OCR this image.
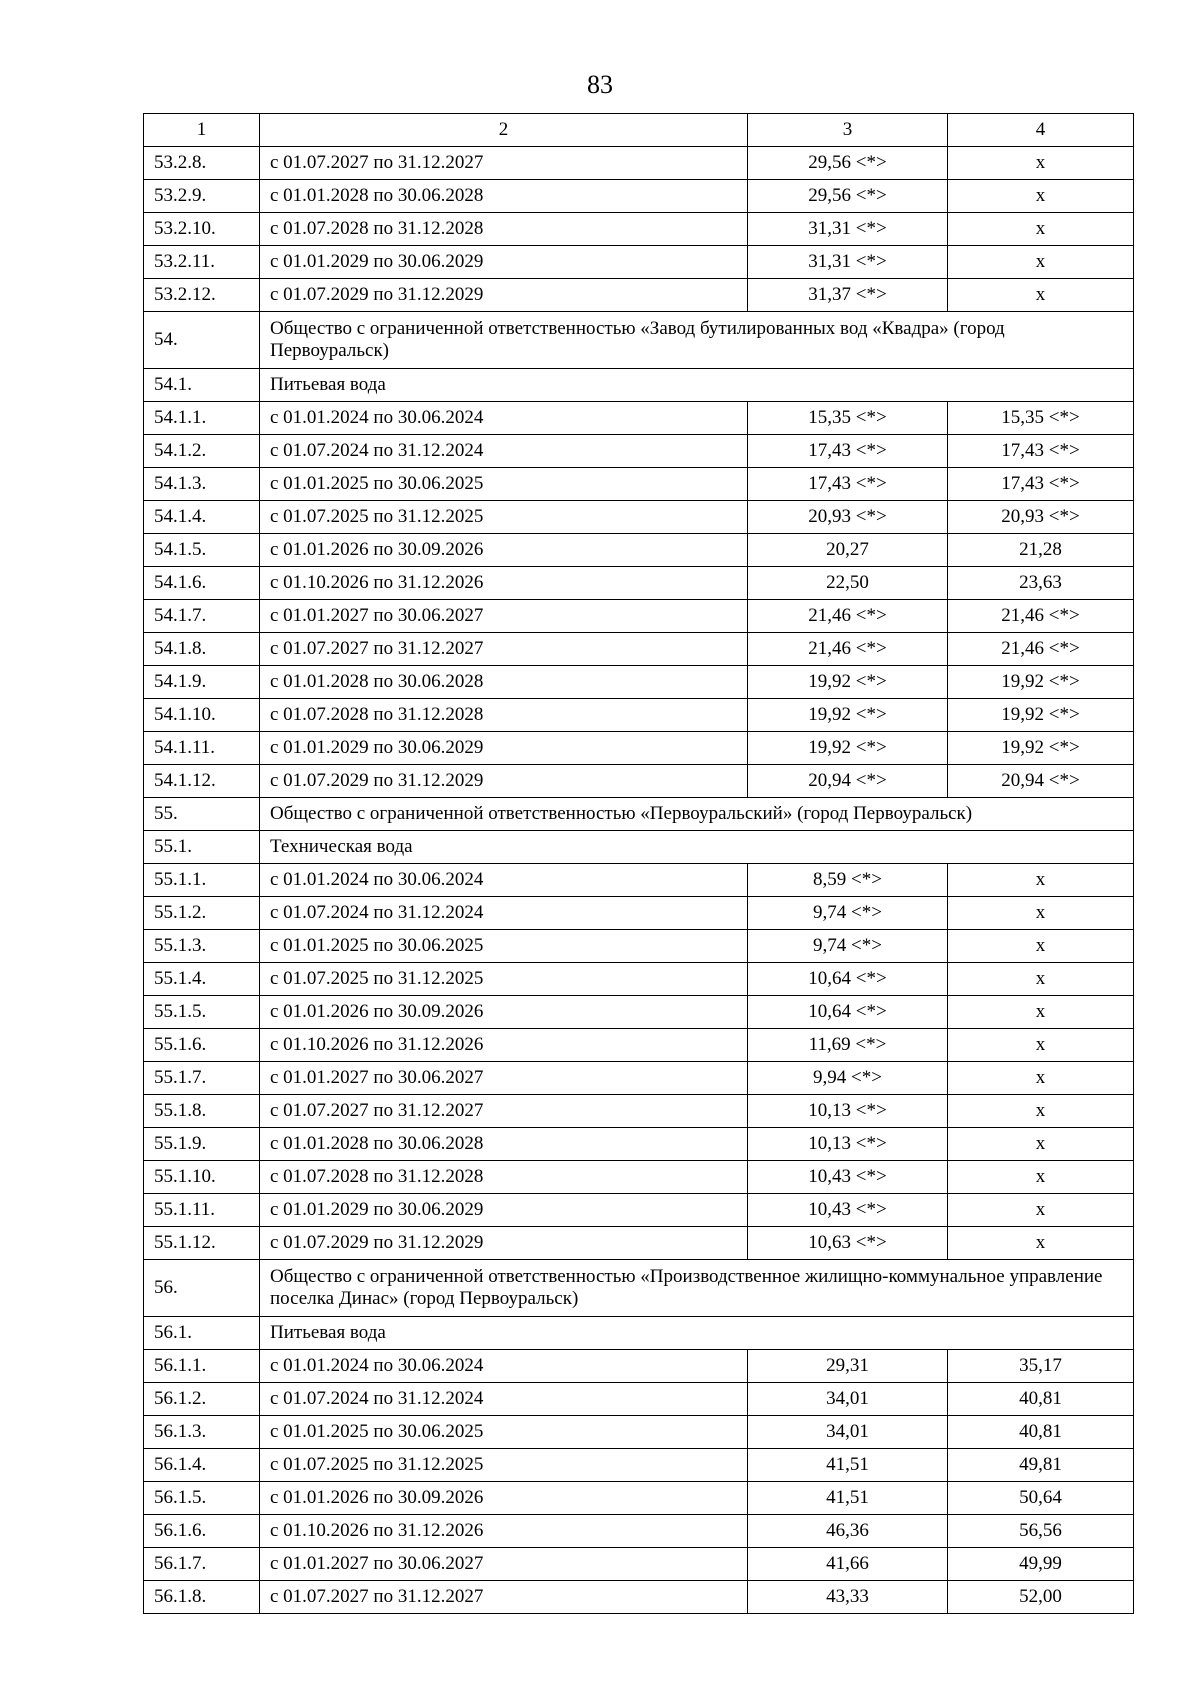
83
1	2	3	4
53.2.8.	с 01.07.2027 по 31.12.2027	29,56 <*>	х
53.2.9.	с 01.01.2028 по 30.06.2028	29,56 <*>	х
53.2.10.	с 01.07.2028 по 31.12.2028	31,31 <*>	х
53.2.11.	с 01.01.2029 по 30.06.2029	31,31 <*>	х
53.2.12.	с 01.07.2029 по 31.12.2029	31,37 <*>	х
54.	Общество с ограниченной ответственностью «Завод бутилированных вод «Квадра» (город Первоуральск)		
54.1.	Питьевая вода		
54.1.1.	с 01.01.2024 по 30.06.2024	15,35 <*>	15,35 <*>
54.1.2.	с 01.07.2024 по 31.12.2024	17,43 <*>	17,43 <*>
54.1.3.	с 01.01.2025 по 30.06.2025	17,43 <*>	17,43 <*>
54.1.4.	с 01.07.2025 по 31.12.2025	20,93 <*>	20,93 <*>
54.1.5.	с 01.01.2026 по 30.09.2026	20,27	21,28
54.1.6.	с 01.10.2026 по 31.12.2026	22,50	23,63
54.1.7.	с 01.01.2027 по 30.06.2027	21,46 <*>	21,46 <*>
54.1.8.	с 01.07.2027 по 31.12.2027	21,46 <*>	21,46 <*>
54.1.9.	с 01.01.2028 по 30.06.2028	19,92 <*>	19,92 <*>
54.1.10.	с 01.07.2028 по 31.12.2028	19,92 <*>	19,92 <*>
54.1.11.	с 01.01.2029 по 30.06.2029	19,92 <*>	19,92 <*>
54.1.12.	с 01.07.2029 по 31.12.2029	20,94 <*>	20,94 <*>
55.	Общество с ограниченной ответственностью «Первоуральский» (город Первоуральск)		
55.1.	Техническая вода		
55.1.1.	с 01.01.2024 по 30.06.2024	8,59 <*>	х
55.1.2.	с 01.07.2024 по 31.12.2024	9,74 <*>	х
55.1.3.	с 01.01.2025 по 30.06.2025	9,74 <*>	х
55.1.4.	с 01.07.2025 по 31.12.2025	10,64 <*>	х
55.1.5.	с 01.01.2026 по 30.09.2026	10,64 <*>	х
55.1.6.	с 01.10.2026 по 31.12.2026	11,69 <*>	х
55.1.7.	с 01.01.2027 по 30.06.2027	9,94 <*>	х
55.1.8.	с 01.07.2027 по 31.12.2027	10,13 <*>	х
55.1.9.	с 01.01.2028 по 30.06.2028	10,13 <*>	х
55.1.10.	с 01.07.2028 по 31.12.2028	10,43 <*>	х
55.1.11.	с 01.01.2029 по 30.06.2029	10,43 <*>	х
55.1.12.	с 01.07.2029 по 31.12.2029	10,63 <*>	х
56.	Общество с ограниченной ответственностью «Производственное жилищно-коммунальное управление поселка Динас» (город Первоуральск)		
56.1.	Питьевая вода		
56.1.1.	с 01.01.2024 по 30.06.2024	29,31	35,17
56.1.2.	с 01.07.2024 по 31.12.2024	34,01	40,81
56.1.3.	с 01.01.2025 по 30.06.2025	34,01	40,81
56.1.4.	с 01.07.2025 по 31.12.2025	41,51	49,81
56.1.5.	с 01.01.2026 по 30.09.2026	41,51	50,64
56.1.6.	с 01.10.2026 по 31.12.2026	46,36	56,56
56.1.7.	с 01.01.2027 по 30.06.2027	41,66	49,99
56.1.8.	с 01.07.2027 по 31.12.2027	43,33	52,00
